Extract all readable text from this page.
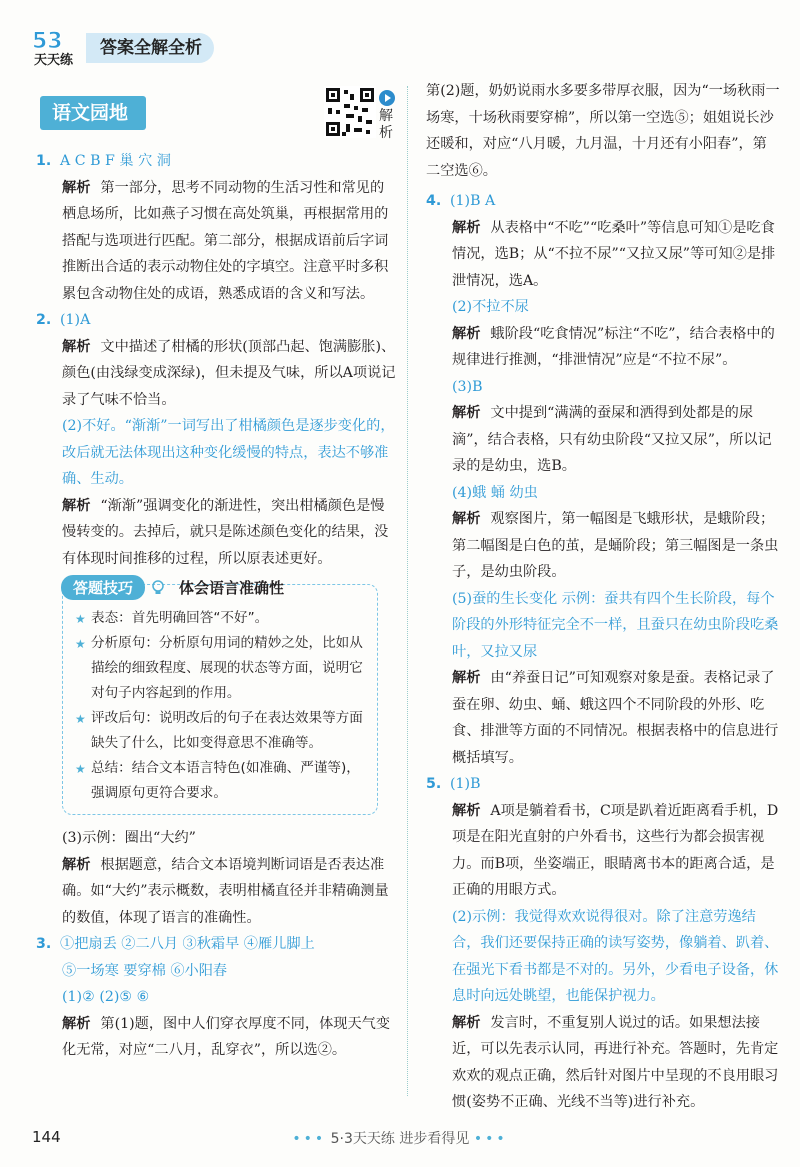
53
天天练
答案全解全析
语文园地	解析

1. A C B F 巢 穴 洞

解析 第一部分，思考不同动物的生活习性和常见的栖息场所，比如燕子习惯在高处筑巢，再根据常用的搭配与选项进行匹配。第二部分，根据成语前后字词推断出合适的表示动物住处的字填空。注意平时多积累包含动物住处的成语，熟悉成语的含义和写法。

2. (1)A

解析 文中描述了柑橘的形状(顶部凸起、饱满膨胀)、颜色(由浅绿变成深绿)，但未提及气味，所以A项说记录了气味不恰当。

(2)不好。“渐渐”一词写出了柑橘颜色是逐步变化的，改后就无法体现出这种变化缓慢的特点，表达不够准确、生动。

解析 “渐渐”强调变化的渐进性，突出柑橘颜色是慢慢转变的。去掉后，就只是陈述颜色变化的结果，没有体现时间推移的过程，所以原表述更好。

答题技巧	体会语言准确性
★ 表态：首先明确回答“不好”。
★ 分析原句：分析原句用词的精妙之处，比如从描绘的细致程度、展现的状态等方面，说明它对句子内容起到的作用。
★ 评改后句：说明改后的句子在表达效果等方面缺失了什么，比如变得意思不准确等。
★ 总结：结合文本语言特色(如准确、严谨等)，强调原句更符合要求。

(3)示例：圈出“大约”

解析 根据题意，结合文本语境判断词语是否表达准确。如“大约”表示概数，表明柑橘直径并非精确测量的数值，体现了语言的准确性。

3. ①把扇丢 ②二八月 ③秋霜早 ④雁儿脚上

⑤一场寒 要穿棉 ⑥小阳春

(1)② (2)⑤ ⑥

解析 第(1)题，图中人们穿衣厚度不同，体现天气变化无常，对应“二八月，乱穿衣”，所以选②。

第(2)题，奶奶说雨水多要多带厚衣服，因为“一场秋雨一场寒，十场秋雨要穿棉”，所以第一空选⑤；姐姐说长沙还暖和，对应“八月暖，九月温，十月还有小阳春”，第二空选⑥。

4. (1)B A

解析 从表格中“不吃”“吃桑叶”等信息可知①是吃食情况，选B；从“不拉不尿”“又拉又尿”等可知②是排泄情况，选A。

(2)不拉不尿

解析 蛾阶段“吃食情况”标注“不吃”，结合表格中的规律进行推测，“排泄情况”应是“不拉不尿”。

(3)B

解析 文中提到“满满的蚕屎和洒得到处都是的尿滴”，结合表格，只有幼虫阶段“又拉又尿”，所以记录的是幼虫，选B。

(4)蛾 蛹 幼虫

解析 观察图片，第一幅图是飞蛾形状，是蛾阶段；第二幅图是白色的茧，是蛹阶段；第三幅图是一条虫子，是幼虫阶段。

(5)蚕的生长变化 示例：蚕共有四个生长阶段，每个阶段的外形特征完全不一样，且蚕只在幼虫阶段吃桑叶，又拉又尿

解析 由“养蚕日记”可知观察对象是蚕。表格记录了蚕在卵、幼虫、蛹、蛾这四个不同阶段的外形、吃食、排泄等方面的不同情况。根据表格中的信息进行概括填写。

5. (1)B

解析 A项是躺着看书，C项是趴着近距离看手机，D项是在阳光直射的户外看书，这些行为都会损害视力。而B项，坐姿端正，眼睛离书本的距离合适，是正确的用眼方式。

(2)示例：我觉得欢欢说得很对。除了注意劳逸结合，我们还要保持正确的读写姿势，像躺着、趴着、在强光下看书都是不对的。另外，少看电子设备，休息时向远处眺望，也能保护视力。

解析 发言时，不重复别人说过的话。如果想法接近，可以先表示认同，再进行补充。答题时，先肯定欢欢的观点正确，然后针对图片中呈现的不良用眼习惯(姿势不正确、光线不当等)进行补充。

144	••• 5·3天天练 进步看得见 •••
